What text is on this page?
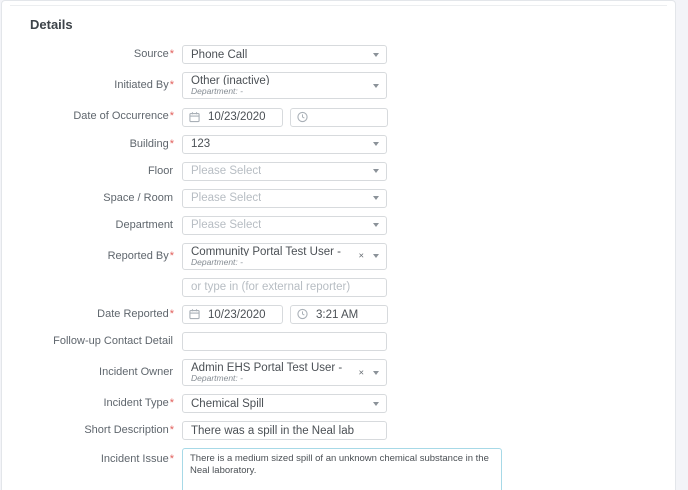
Details
Source* Phone Call
Initiated By* Other (inactive)
Department: -
Date of Occurrence*
10/23/2020
Building* 123
Floor Please Select
Space / Room Please Select
Department Please Select
Reported By* Community Portal Test User -
Department: -	×
or type in (for external reporter)
Date Reported*
10/23/2020
3:21 AM
Follow-up Contact Detail
Incident Owner Admin EHS Portal Test User -
Department: -	×
Incident Type* Chemical Spill
Short Description*
There was a spill in the Neal lab
Incident Issue*
There is a medium sized spill of an unknown chemical substance in the Neal laboratory.
